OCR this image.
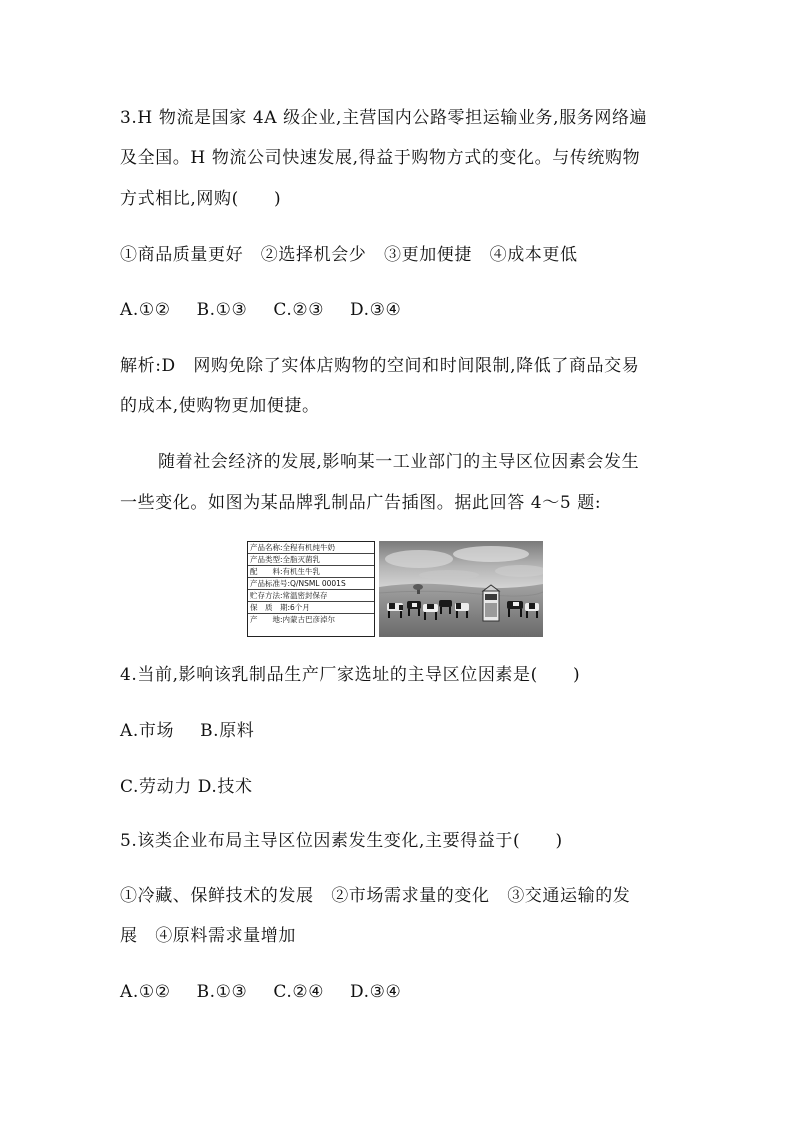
3.H 物流是国家 4A 级企业,主营国内公路零担运输业务,服务网络遍
及全国。H 物流公司快速发展,得益于购物方式的变化。与传统购物
方式相比,网购(　　)
①商品质量更好　②选择机会少　③更加便捷　④成本更低
A.①② B.①③ C.②③ D.③④
解析:D　网购免除了实体店购物的空间和时间限制,降低了商品交易
的成本,使购物更加便捷。
随着社会经济的发展,影响某一工业部门的主导区位因素会发生
一些变化。如图为某品牌乳制品广告插图。据此回答 4～5 题:
产品名称:全程有机纯牛奶
产品类型:全脂灭菌乳
配　　料:有机生牛乳
产品标准号:Q/NSML 0001S
贮存方法:常温密封保存
保　质　期:6个月
产　　地:内蒙古巴彦淖尔
4.当前,影响该乳制品生产厂家选址的主导区位因素是(　　)
A.市场 B.原料
C.劳动力 D.技术
5.该类企业布局主导区位因素发生变化,主要得益于(　　)
①冷藏、保鲜技术的发展　②市场需求量的变化　③交通运输的发
展　④原料需求量增加
A.①② B.①③ C.②④ D.③④
